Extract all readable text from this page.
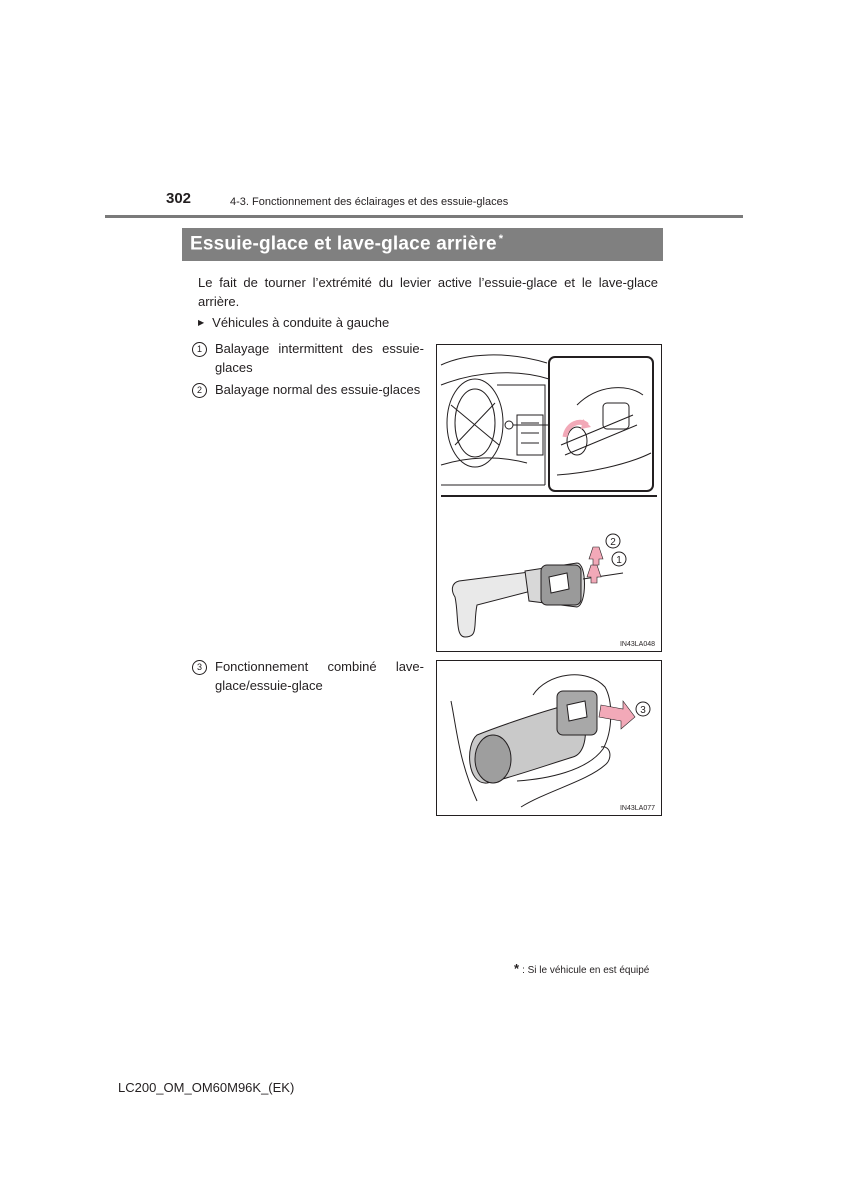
302	4-3. Fonctionnement des éclairages et des essuie-glaces
Essuie-glace et lave-glace arrière *
Le fait de tourner l’extrémité du levier active l’essuie-glace et le lave-glace arrière.
▶ Véhicules à conduite à gauche
1	Balayage intermittent des essuie-glaces
2	Balayage normal des essuie-glaces
3	Fonctionnement combiné lave-glace/essuie-glace
2
1
IN43LA048
3
IN43LA077
* : Si le véhicule en est équipé
LC200_OM_OM60M96K_(EK)
